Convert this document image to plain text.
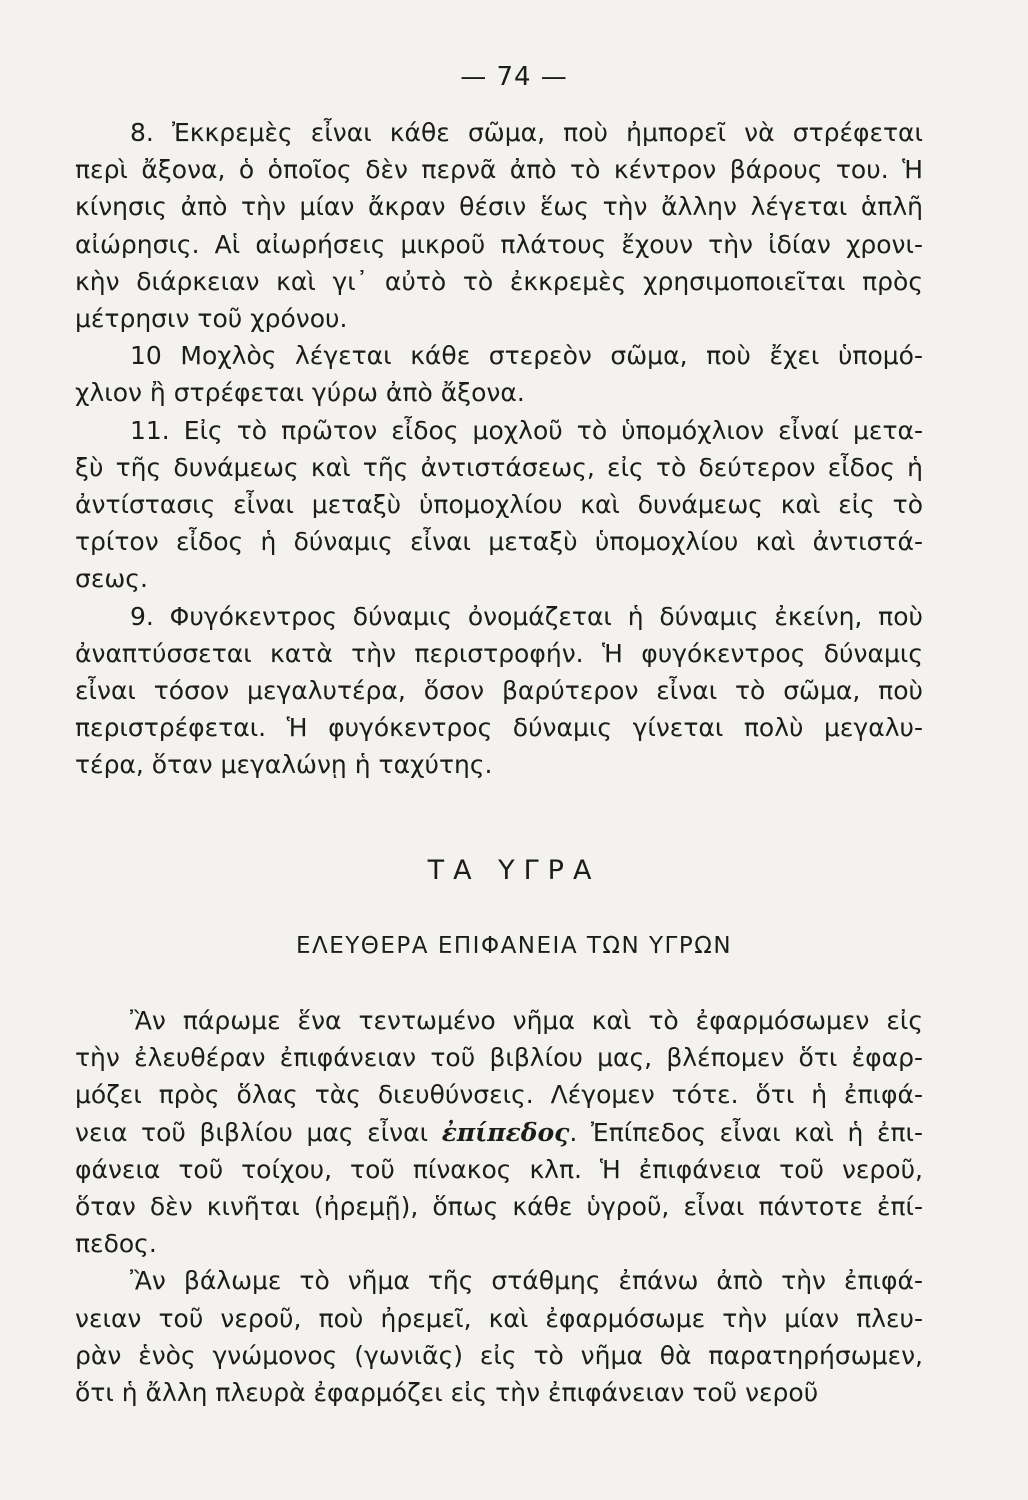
— 74 —
8. Ἐκκρεμὲς εἶναι κάθε σῶμα, ποὺ ἠμπορεῖ νὰ στρέφεται
περὶ ἄξονα, ὁ ὁποῖος δὲν περνᾶ ἀπὸ τὸ κέντρον βάρους του. Ἡ
κίνησις ἀπὸ τὴν μίαν ἄκραν θέσιν ἕως τὴν ἄλλην λέγεται ἁπλῆ
αἰώρησις. Αἱ αἰωρήσεις μικροῦ πλάτους ἔχουν τὴν ἰδίαν χρονι-
κὴν διάρκειαν καὶ γι᾽ αὐτὸ τὸ ἐκκρεμὲς χρησιμοποιεῖται πρὸς
μέτρησιν τοῦ χρόνου.
10 Μοχλὸς λέγεται κάθε στερεὸν σῶμα, ποὺ ἔχει ὑπομό-
χλιον ἢ στρέφεται γύρω ἀπὸ ἄξονα.
11. Εἰς τὸ πρῶτον εἶδος μοχλοῦ τὸ ὑπομόχλιον εἶναί μετα-
ξὺ τῆς δυνάμεως καὶ τῆς ἀντιστάσεως, εἰς τὸ δεύτερον εἶδος ἡ
ἀντίστασις εἶναι μεταξὺ ὑπομοχλίου καὶ δυνάμεως καὶ εἰς τὸ
τρίτον εἶδος ἡ δύναμις εἶναι μεταξὺ ὑπομοχλίου καὶ ἀντιστά-
σεως.
9. Φυγόκεντρος δύναμις ὀνομάζεται ἡ δύναμις ἐκείνη, ποὺ
ἀναπτύσσεται κατὰ τὴν περιστροφήν. Ἡ φυγόκεντρος δύναμις
εἶναι τόσον μεγαλυτέρα, ὅσον βαρύτερον εἶναι τὸ σῶμα, ποὺ
περιστρέφεται. Ἡ φυγόκεντρος δύναμις γίνεται πολὺ μεγαλυ-
τέρα, ὅταν μεγαλώνῃ ἡ ταχύτης.
ΤΑ ΥΓΡΑ
ΕΛΕΥΘΕΡΑ ΕΠΙΦΑΝΕΙΑ ΤΩΝ ΥΓΡΩΝ
Ἂν πάρωμε ἕνα τεντωμένο νῆμα καὶ τὸ ἐφαρμόσωμεν εἰς
τὴν ἐλευθέραν ἐπιφάνειαν τοῦ βιβλίου μας, βλέπομεν ὅτι ἐφαρ-
μόζει πρὸς ὅλας τὰς διευθύνσεις. Λέγομεν τότε. ὅτι ἡ ἐπιφά-
νεια τοῦ βιβλίου μας εἶναι ἐπίπεδος. Ἐπίπεδος εἶναι καὶ ἡ ἐπι-
φάνεια τοῦ τοίχου, τοῦ πίνακος κλπ. Ἡ ἐπιφάνεια τοῦ νεροῦ,
ὅταν δὲν κινῆται (ἠρεμῇ), ὅπως κάθε ὑγροῦ, εἶναι πάντοτε ἐπί-
πεδος.
Ἂν βάλωμε τὸ νῆμα τῆς στάθμης ἐπάνω ἀπὸ τὴν ἐπιφά-
νειαν τοῦ νεροῦ, ποὺ ἠρεμεῖ, καὶ ἐφαρμόσωμε τὴν μίαν πλευ-
ρὰν ἑνὸς γνώμονος (γωνιᾶς) εἰς τὸ νῆμα θὰ παρατηρήσωμεν,
ὅτι ἡ ἄλλη πλευρὰ ἐφαρμόζει εἰς τὴν ἐπιφάνειαν τοῦ νεροῦ
